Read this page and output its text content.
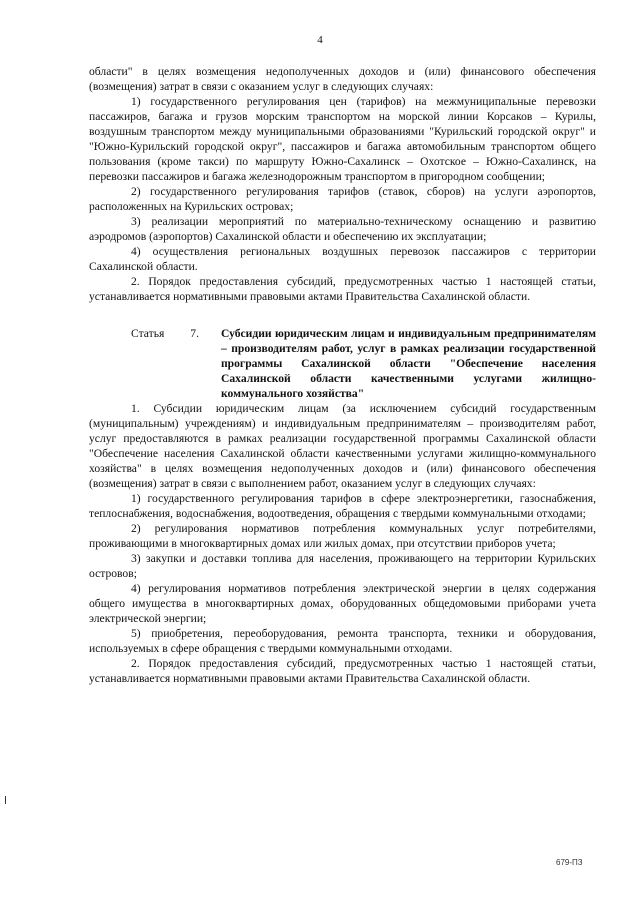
4

области" в целях возмещения недополученных доходов и (или) финансового обеспечения (возмещения) затрат в связи с оказанием услуг в следующих случаях:

1) государственного регулирования цен (тарифов) на межмуниципальные перевозки пассажиров, багажа и грузов морским транспортом на морской линии Корсаков – Курилы, воздушным транспортом между муниципальными образованиями "Курильский городской округ" и "Южно-Курильский городской округ", пассажиров и багажа автомобильным транспортом общего пользования (кроме такси) по маршруту Южно-Сахалинск – Охотское – Южно-Сахалинск, на перевозки пассажиров и багажа железнодорожным транспортом в пригородном сообщении;

2) государственного регулирования тарифов (ставок, сборов) на услуги аэропортов, расположенных на Курильских островах;

3) реализации мероприятий по материально-техническому оснащению и развитию аэродромов (аэропортов) Сахалинской области и обеспечению их эксплуатации;

4) осуществления региональных воздушных перевозок пассажиров с территории Сахалинской области.

2. Порядок предоставления субсидий, предусмотренных частью 1 настоящей статьи, устанавливается нормативными правовыми актами Правительства Сахалинской области.

Статья 7. Субсидии юридическим лицам и индивидуальным предпринимателям – производителям работ, услуг в рамках реализации государственной программы Сахалинской области "Обеспечение населения Сахалинской области качественными услугами жилищно-коммунального хозяйства"

1. Субсидии юридическим лицам (за исключением субсидий государственным (муниципальным) учреждениям) и индивидуальным предпринимателям – производителям работ, услуг предоставляются в рамках реализации государственной программы Сахалинской области "Обеспечение населения Сахалинской области качественными услугами жилищно-коммунального хозяйства" в целях возмещения недополученных доходов и (или) финансового обеспечения (возмещения) затрат в связи с выполнением работ, оказанием услуг в следующих случаях:

1) государственного регулирования тарифов в сфере электроэнергетики, газоснабжения, теплоснабжения, водоснабжения, водоотведения, обращения с твердыми коммунальными отходами;

2) регулирования нормативов потребления коммунальных услуг потребителями, проживающими в многоквартирных домах или жилых домах, при отсутствии приборов учета;

3) закупки и доставки топлива для населения, проживающего на территории Курильских островов;

4) регулирования нормативов потребления электрической энергии в целях содержания общего имущества в многоквартирных домах, оборудованных общедомовыми приборами учета электрической энергии;

5) приобретения, переоборудования, ремонта транспорта, техники и оборудования, используемых в сфере обращения с твердыми коммунальными отходами.

2. Порядок предоставления субсидий, предусмотренных частью 1 настоящей статьи, устанавливается нормативными правовыми актами Правительства Сахалинской области.

679-ПЗ
